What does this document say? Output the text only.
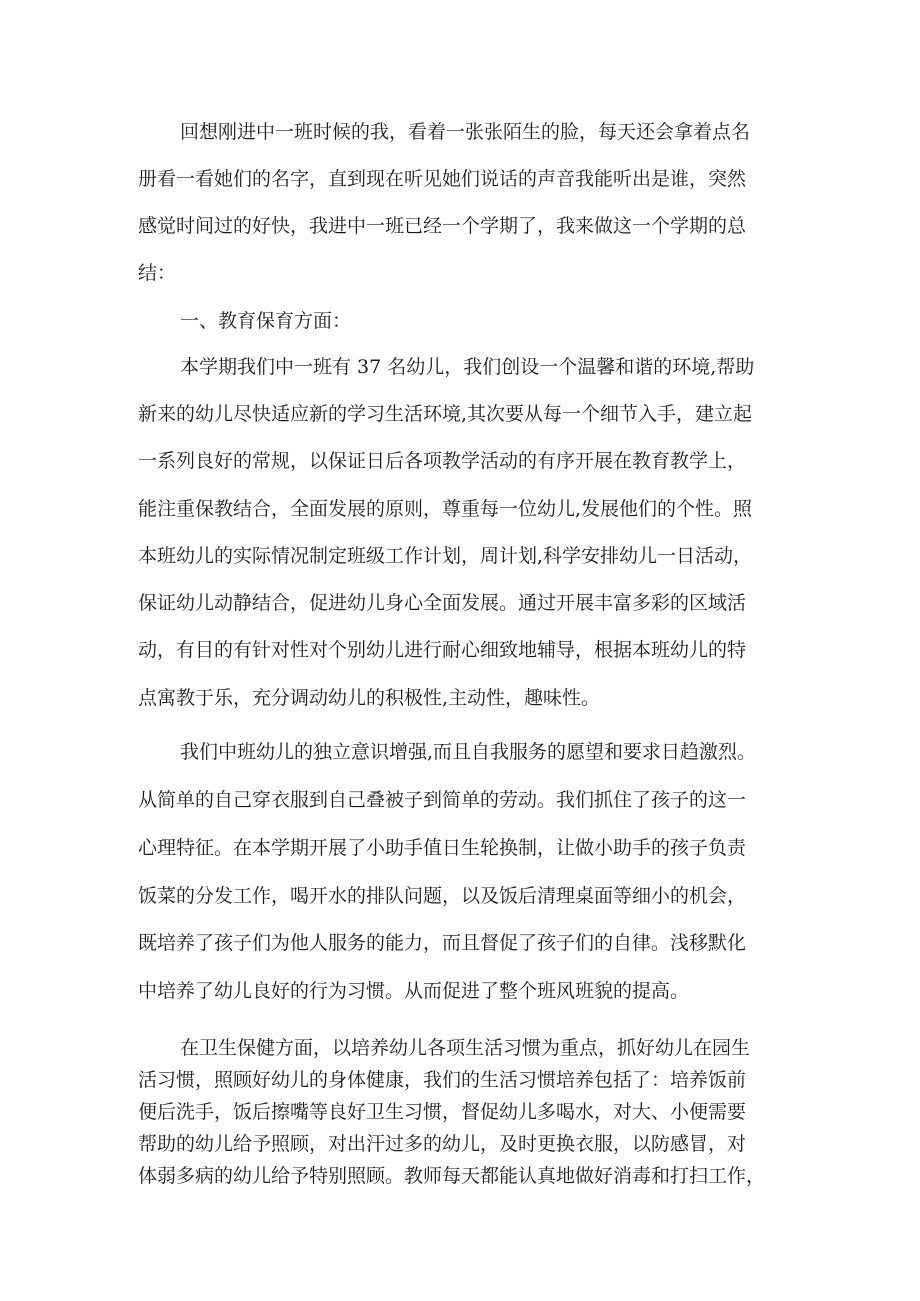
回想刚进中一班时候的我，看着一张张陌生的脸，每天还会拿着点名
册看一看她们的名字，直到现在听见她们说话的声音我能听出是谁，突然
感觉时间过的好快，我进中一班已经一个学期了，我来做这一个学期的总
结：
一、教育保育方面：
本学期我们中一班有 37 名幼儿，我们创设一个温馨和谐的环境,帮助
新来的幼儿尽快适应新的学习生活环境,其次要从每一个细节入手，建立起
一系列良好的常规，以保证日后各项教学活动的有序开展在教育教学上，
能注重保教结合，全面发展的原则，尊重每一位幼儿,发展他们的个性。照
本班幼儿的实际情况制定班级工作计划，周计划,科学安排幼儿一日活动，
保证幼儿动静结合，促进幼儿身心全面发展。通过开展丰富多彩的区域活
动，有目的有针对性对个别幼儿进行耐心细致地辅导，根据本班幼儿的特
点寓教于乐，充分调动幼儿的积极性,主动性，趣味性。
我们中班幼儿的独立意识增强,而且自我服务的愿望和要求日趋激烈。
从简单的自己穿衣服到自己叠被子到简单的劳动。我们抓住了孩子的这一
心理特征。在本学期开展了小助手值日生轮换制，让做小助手的孩子负责
饭菜的分发工作，喝开水的排队问题，以及饭后清理桌面等细小的机会，
既培养了孩子们为他人服务的能力，而且督促了孩子们的自律。浅移默化
中培养了幼儿良好的行为习惯。从而促进了整个班风班貌的提高。
在卫生保健方面，以培养幼儿各项生活习惯为重点，抓好幼儿在园生
活习惯，照顾好幼儿的身体健康，我们的生活习惯培养包括了：培养饭前
便后洗手，饭后擦嘴等良好卫生习惯，督促幼儿多喝水，对大、小便需要
帮助的幼儿给予照顾，对出汗过多的幼儿，及时更换衣服，以防感冒，对
体弱多病的幼儿给予特别照顾。教师每天都能认真地做好消毒和打扫工作，
